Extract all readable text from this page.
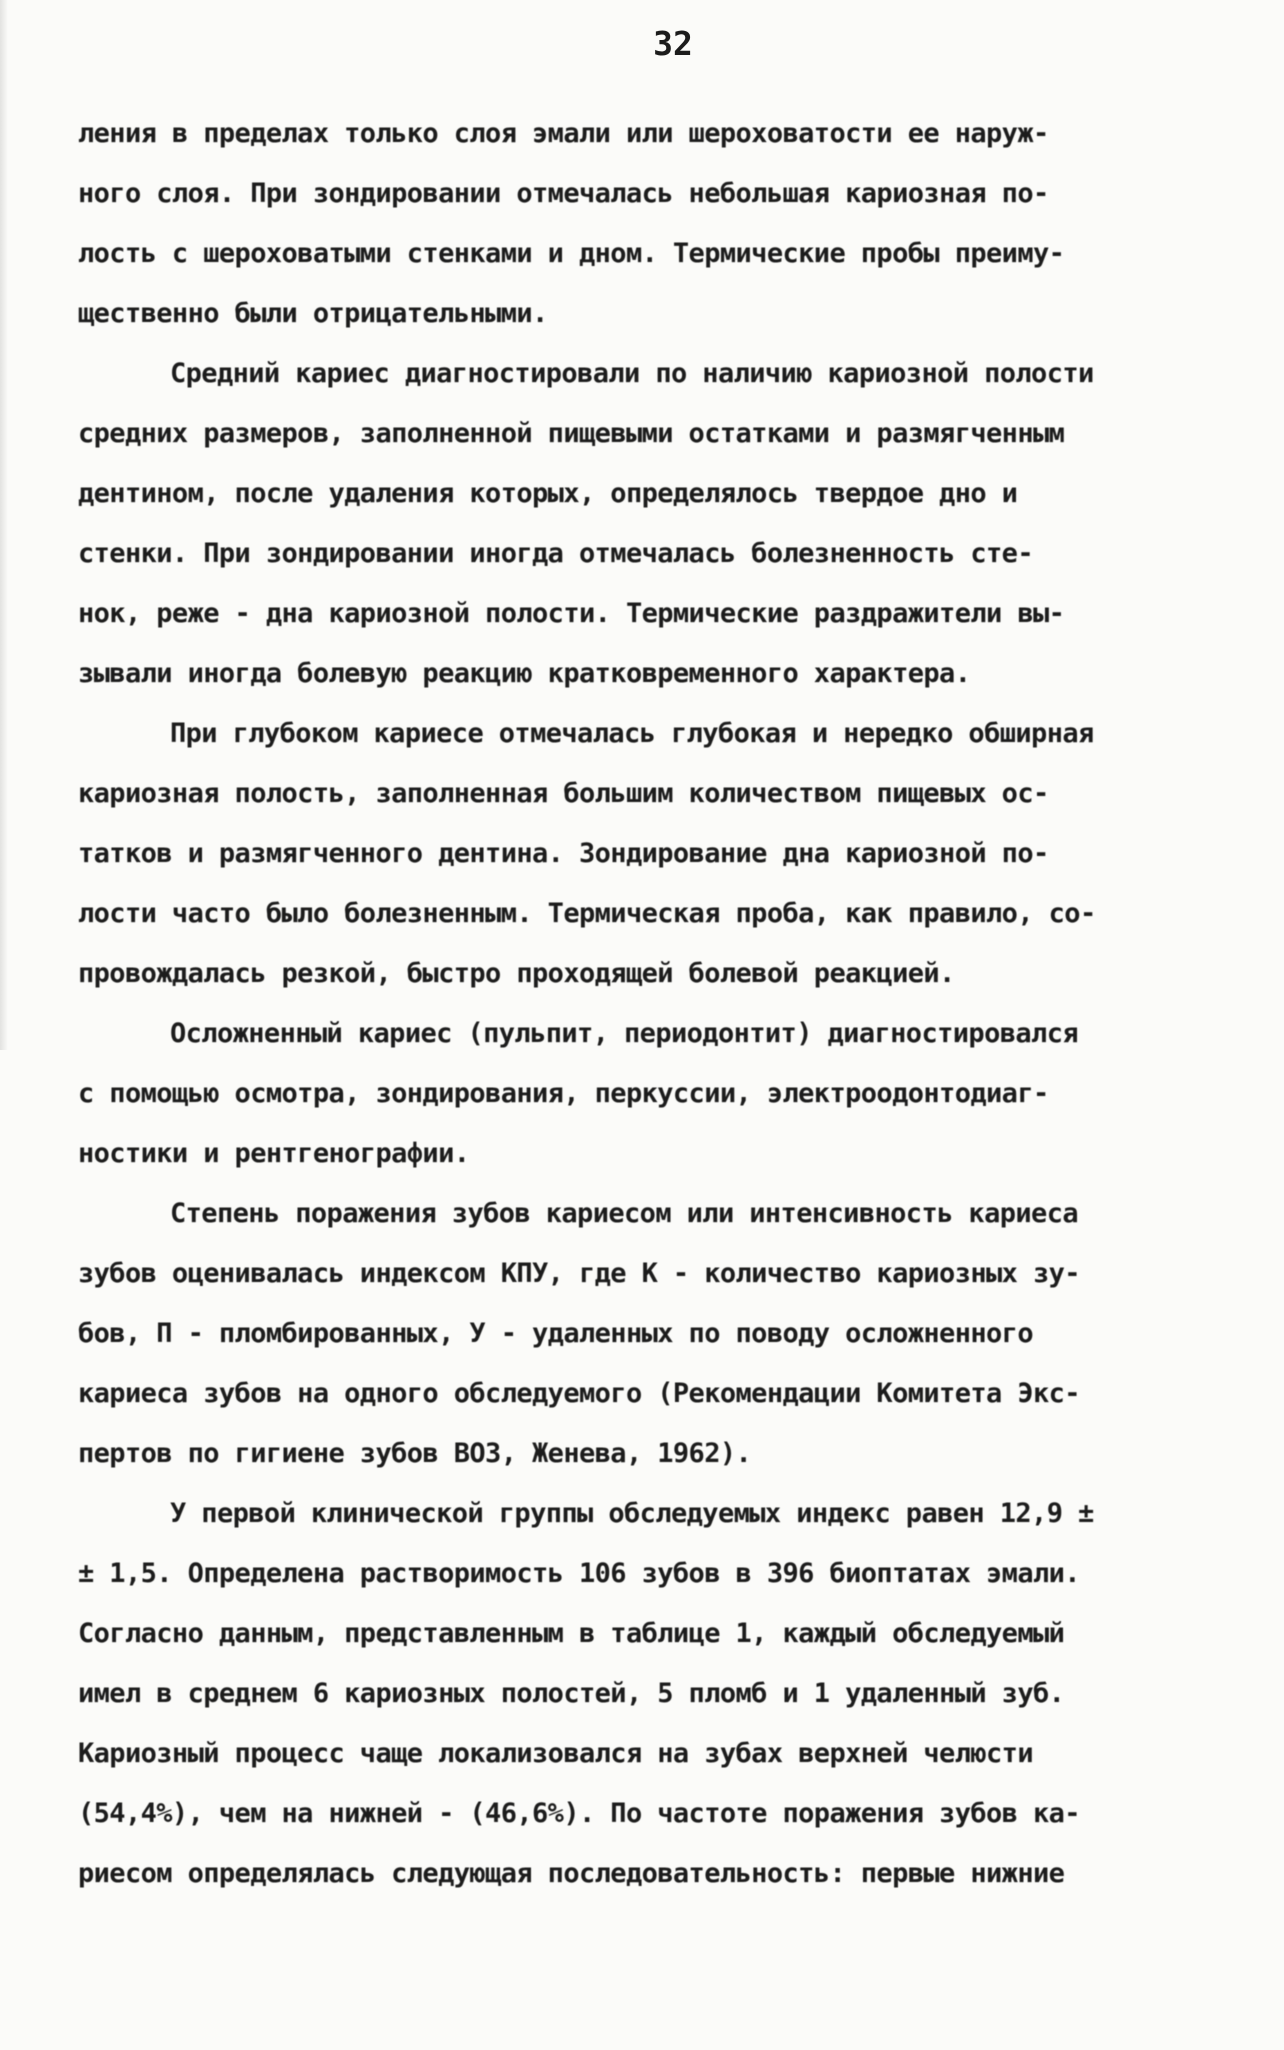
32
ления в пределах только слоя эмали или шероховатости ее наруж-
ного слоя. При зондировании отмечалась небольшая кариозная по-
лость с шероховатыми стенками и дном. Термические пробы преиму-
щественно были отрицательными.
Средний кариес диагностировали по наличию кариозной полости
средних размеров, заполненной пищевыми остатками и размягченным
дентином, после удаления которых, определялось твердое дно и
стенки. При зондировании иногда отмечалась болезненность сте-
нок, реже - дна кариозной полости. Термические раздражители вы-
зывали иногда болевую реакцию кратковременного характера.
При глубоком кариесе отмечалась глубокая и нередко обширная
кариозная полость, заполненная большим количеством пищевых ос-
татков и размягченного дентина. Зондирование дна кариозной по-
лости часто было болезненным. Термическая проба, как правило, со-
провождалась резкой, быстро проходящей болевой реакцией.
Осложненный кариес (пульпит, периодонтит) диагностировался
с помощью осмотра, зондирования, перкуссии, электроодонтодиаг-
ностики и рентгенографии.
Степень поражения зубов кариесом или интенсивность кариеса
зубов оценивалась индексом КПУ, где К - количество кариозных зу-
бов, П - пломбированных, У - удаленных по поводу осложненного
кариеса зубов на одного обследуемого (Рекомендации Комитета Экс-
пертов по гигиене зубов ВОЗ, Женева, 1962).
У первой клинической группы обследуемых индекс равен 12,9 ±
± 1,5. Определена растворимость 106 зубов в 396 биоптатах эмали.
Согласно данным, представленным в таблице 1, каждый обследуемый
имел в среднем 6 кариозных полостей, 5 пломб и 1 удаленный зуб.
Кариозный процесс чаще локализовался на зубах верхней челюсти
(54,4%), чем на нижней - (46,6%). По частоте поражения зубов ка-
риесом определялась следующая последовательность: первые нижние
